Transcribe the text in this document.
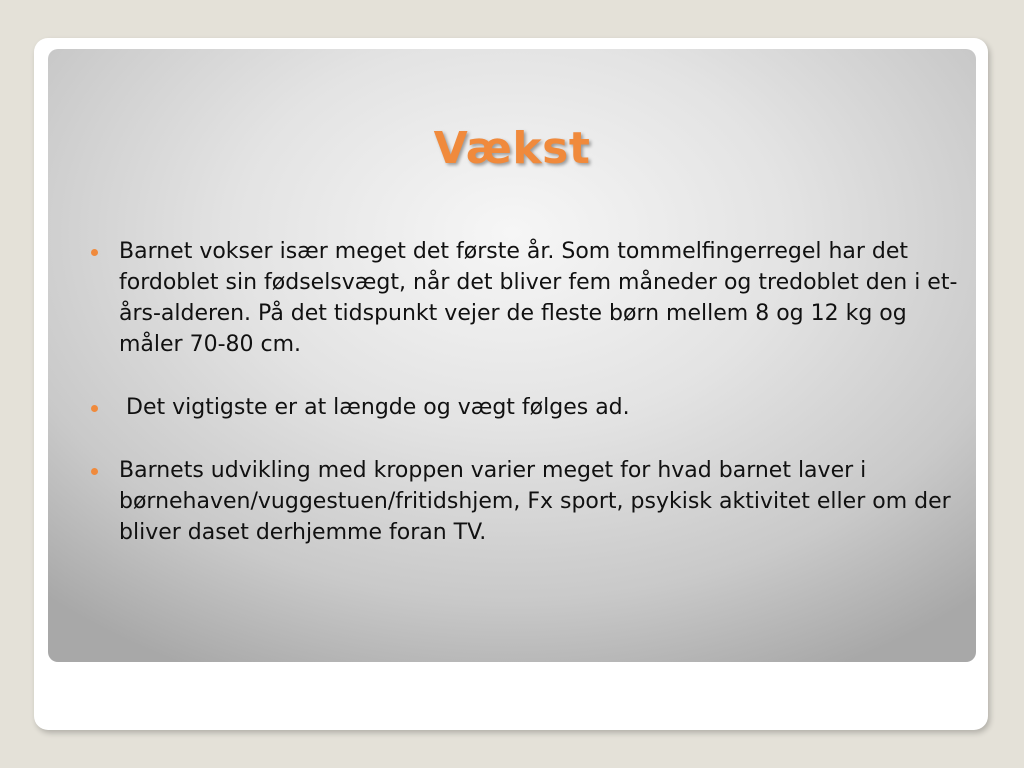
Vækst
Barnet vokser især meget det første år. Som tommelfingerregel har det fordoblet sin fødselsvægt, når det bliver fem måneder og tredoblet den i et-års-alderen. På det tidspunkt vejer de fleste børn mellem 8 og 12 kg og måler 70-80 cm.
Det vigtigste er at længde og vægt følges ad.
Barnets udvikling med kroppen varier meget for hvad barnet laver i børnehaven/vuggestuen/fritidshjem, Fx sport, psykisk aktivitet eller om der bliver daset derhjemme foran TV.
